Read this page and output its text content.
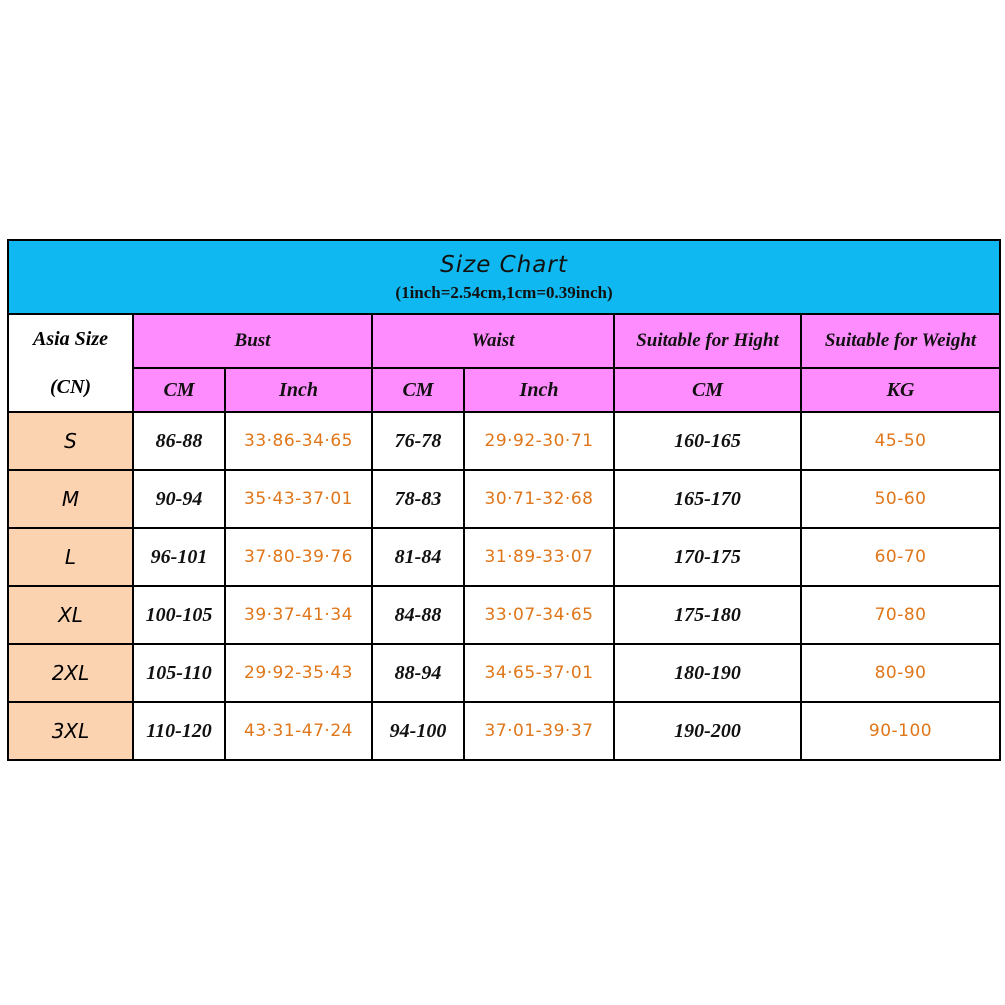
Size Chart
(1inch=2.54cm,1cm=0.39inch)						

Asia Size
(CN)	Bust		Waist		Suitable for Hight	Suitable for Weight
	CM	Inch	CM	Inch	CM	KG
S	86-88	33·86-34·65	76-78	29·92-30·71	160-165	45-50
M	90-94	35·43-37·01	78-83	30·71-32·68	165-170	50-60
L	96-101	37·80-39·76	81-84	31·89-33·07	170-175	60-70
XL	100-105	39·37-41·34	84-88	33·07-34·65	175-180	70-80
2XL	105-110	29·92-35·43	88-94	34·65-37·01	180-190	80-90
3XL	110-120	43·31-47·24	94-100	37·01-39·37	190-200	90-100
